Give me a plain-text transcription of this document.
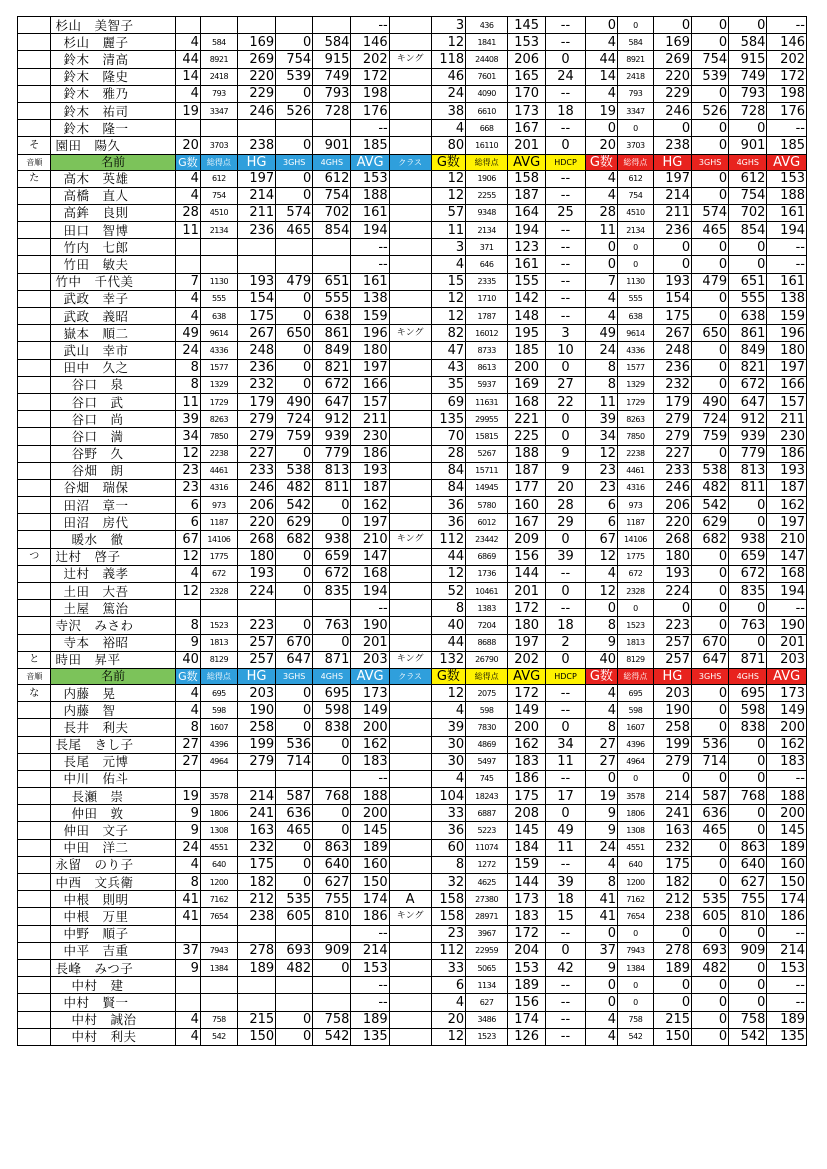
	杉山　美智子						--		3	436	145	--	0	0	0	0	0	--
	杉山　麗子	4	584	169	0	584	146		12	1841	153	--	4	584	169	0	584	146
	鈴木　清高	44	8921	269	754	915	202	キング	118	24408	206	0	44	8921	269	754	915	202
	鈴木　隆史	14	2418	220	539	749	172		46	7601	165	24	14	2418	220	539	749	172
	鈴木　雅乃	4	793	229	0	793	198		24	4090	170	--	4	793	229	0	793	198
	鈴木　祐司	19	3347	246	526	728	176		38	6610	173	18	19	3347	246	526	728	176
	鈴木　隆一						--		4	668	167	--	0	0	0	0	0	--
そ	園田　陽久	20	3703	238	0	901	185		80	16110	201	0	20	3703	238	0	901	185
音順	名前	G数	総得点	HG	3GHS	4GHS	AVG	クラス	G数	総得点	AVG	HDCP	G数	総得点	HG	3GHS	4GHS	AVG
た	高木　英雄	4	612	197	0	612	153		12	1906	158	--	4	612	197	0	612	153
	高橋　直人	4	754	214	0	754	188		12	2255	187	--	4	754	214	0	754	188
	高鉾　良則	28	4510	211	574	702	161		57	9348	164	25	28	4510	211	574	702	161
	田口　智博	11	2134	236	465	854	194		11	2134	194	--	11	2134	236	465	854	194
	竹内　七郎						--		3	371	123	--	0	0	0	0	0	--
	竹田　敏夫						--		4	646	161	--	0	0	0	0	0	--
	竹中　千代美	7	1130	193	479	651	161		15	2335	155	--	7	1130	193	479	651	161
	武政　幸子	4	555	154	0	555	138		12	1710	142	--	4	555	154	0	555	138
	武政　義昭	4	638	175	0	638	159		12	1787	148	--	4	638	175	0	638	159
	嶽本　順二	49	9614	267	650	861	196	キング	82	16012	195	3	49	9614	267	650	861	196
	武山　幸市	24	4336	248	0	849	180		47	8733	185	10	24	4336	248	0	849	180
	田中　久之	8	1577	236	0	821	197		43	8613	200	0	8	1577	236	0	821	197
	谷口　泉	8	1329	232	0	672	166		35	5937	169	27	8	1329	232	0	672	166
	谷口　武	11	1729	179	490	647	157		69	11631	168	22	11	1729	179	490	647	157
	谷口　尚	39	8263	279	724	912	211		135	29955	221	0	39	8263	279	724	912	211
	谷口　満	34	7850	279	759	939	230		70	15815	225	0	34	7850	279	759	939	230
	谷野　久	12	2238	227	0	779	186		28	5267	188	9	12	2238	227	0	779	186
	谷畑　朗	23	4461	233	538	813	193		84	15711	187	9	23	4461	233	538	813	193
	谷畑　瑞保	23	4316	246	482	811	187		84	14945	177	20	23	4316	246	482	811	187
	田沼　章一	6	973	206	542	0	162		36	5780	160	28	6	973	206	542	0	162
	田沼　房代	6	1187	220	629	0	197		36	6012	167	29	6	1187	220	629	0	197
	暖水　徹	67	14106	268	682	938	210	キング	112	23442	209	0	67	14106	268	682	938	210
つ	辻村　啓子	12	1775	180	0	659	147		44	6869	156	39	12	1775	180	0	659	147
	辻村　義孝	4	672	193	0	672	168		12	1736	144	--	4	672	193	0	672	168
	土田　大吾	12	2328	224	0	835	194		52	10461	201	0	12	2328	224	0	835	194
	土屋　篤治						--		8	1383	172	--	0	0	0	0	0	--
	寺沢　みさわ	8	1523	223	0	763	190		40	7204	180	18	8	1523	223	0	763	190
	寺本　裕昭	9	1813	257	670	0	201		44	8688	197	2	9	1813	257	670	0	201
と	時田　昇平	40	8129	257	647	871	203	キング	132	26790	202	0	40	8129	257	647	871	203
音順	名前	G数	総得点	HG	3GHS	4GHS	AVG	クラス	G数	総得点	AVG	HDCP	G数	総得点	HG	3GHS	4GHS	AVG
な	内藤　晃	4	695	203	0	695	173		12	2075	172	--	4	695	203	0	695	173
	内藤　智	4	598	190	0	598	149		4	598	149	--	4	598	190	0	598	149
	長井　利夫	8	1607	258	0	838	200		39	7830	200	0	8	1607	258	0	838	200
	長尾　きし子	27	4396	199	536	0	162		30	4869	162	34	27	4396	199	536	0	162
	長尾　元博	27	4964	279	714	0	183		30	5497	183	11	27	4964	279	714	0	183
	中川　佑斗						--		4	745	186	--	0	0	0	0	0	--
	長瀬　崇	19	3578	214	587	768	188		104	18243	175	17	19	3578	214	587	768	188
	仲田　敦	9	1806	241	636	0	200		33	6887	208	0	9	1806	241	636	0	200
	仲田　文子	9	1308	163	465	0	145		36	5223	145	49	9	1308	163	465	0	145
	中田　洋二	24	4551	232	0	863	189		60	11074	184	11	24	4551	232	0	863	189
	永留　のり子	4	640	175	0	640	160		8	1272	159	--	4	640	175	0	640	160
	中西　文兵衛	8	1200	182	0	627	150		32	4625	144	39	8	1200	182	0	627	150
	中根　則明	41	7162	212	535	755	174	A	158	27380	173	18	41	7162	212	535	755	174
	中根　万里	41	7654	238	605	810	186	キング	158	28971	183	15	41	7654	238	605	810	186
	中野　順子						--		23	3967	172	--	0	0	0	0	0	--
	中平　吉重	37	7943	278	693	909	214		112	22959	204	0	37	7943	278	693	909	214
	長峰　みつ子	9	1384	189	482	0	153		33	5065	153	42	9	1384	189	482	0	153
	中村　建						--		6	1134	189	--	0	0	0	0	0	--
	中村　賢一						--		4	627	156	--	0	0	0	0	0	--
	中村　誠治	4	758	215	0	758	189		20	3486	174	--	4	758	215	0	758	189
	中村　利夫	4	542	150	0	542	135		12	1523	126	--	4	542	150	0	542	135
